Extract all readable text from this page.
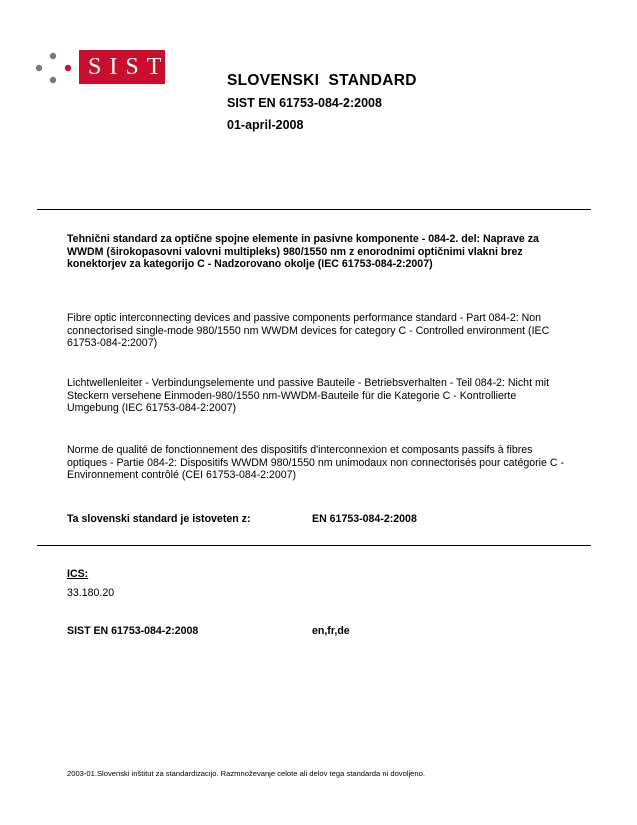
SIST
SLOVENSKI  STANDARD
SIST EN 61753-084-2:2008
01-april-2008
Tehnični standard za optične spojne elemente in pasivne komponente - 084-2. del: Naprave za WWDM (širokopasovni valovni multipleks) 980/1550 nm z enorodnimi optičnimi vlakni brez konektorjev za kategorijo C - Nadzorovano okolje (IEC 61753-084-2:2007)
Fibre optic interconnecting devices and passive components performance standard - Part 084-2: Non connectorised single-mode 980/1550 nm WWDM devices for category C - Controlled environment (IEC 61753-084-2:2007)
Lichtwellenleiter - Verbindungselemente und passive Bauteile - Betriebsverhalten - Teil 084-2: Nicht mit Steckern versehene Einmoden-980/1550 nm-WWDM-Bauteile für die Kategorie C - Kontrollierte Umgebung (IEC 61753-084-2:2007)
Norme de qualité de fonctionnement des dispositifs d'interconnexion et composants passifs à fibres optiques - Partie 084-2: Dispositifs WWDM 980/1550 nm unimodaux non connectorisés pour catégorie C - Environnement contrôlé (CEI 61753-084-2:2007)
Ta slovenski standard je istoveten z:	EN 61753-084-2:2008
ICS:
33.180.20
SIST EN 61753-084-2:2008	en,fr,de
2003-01.Slovenski inštitut za standardizacijo. Razmnoževanje celote ali delov tega standarda ni dovoljeno.
